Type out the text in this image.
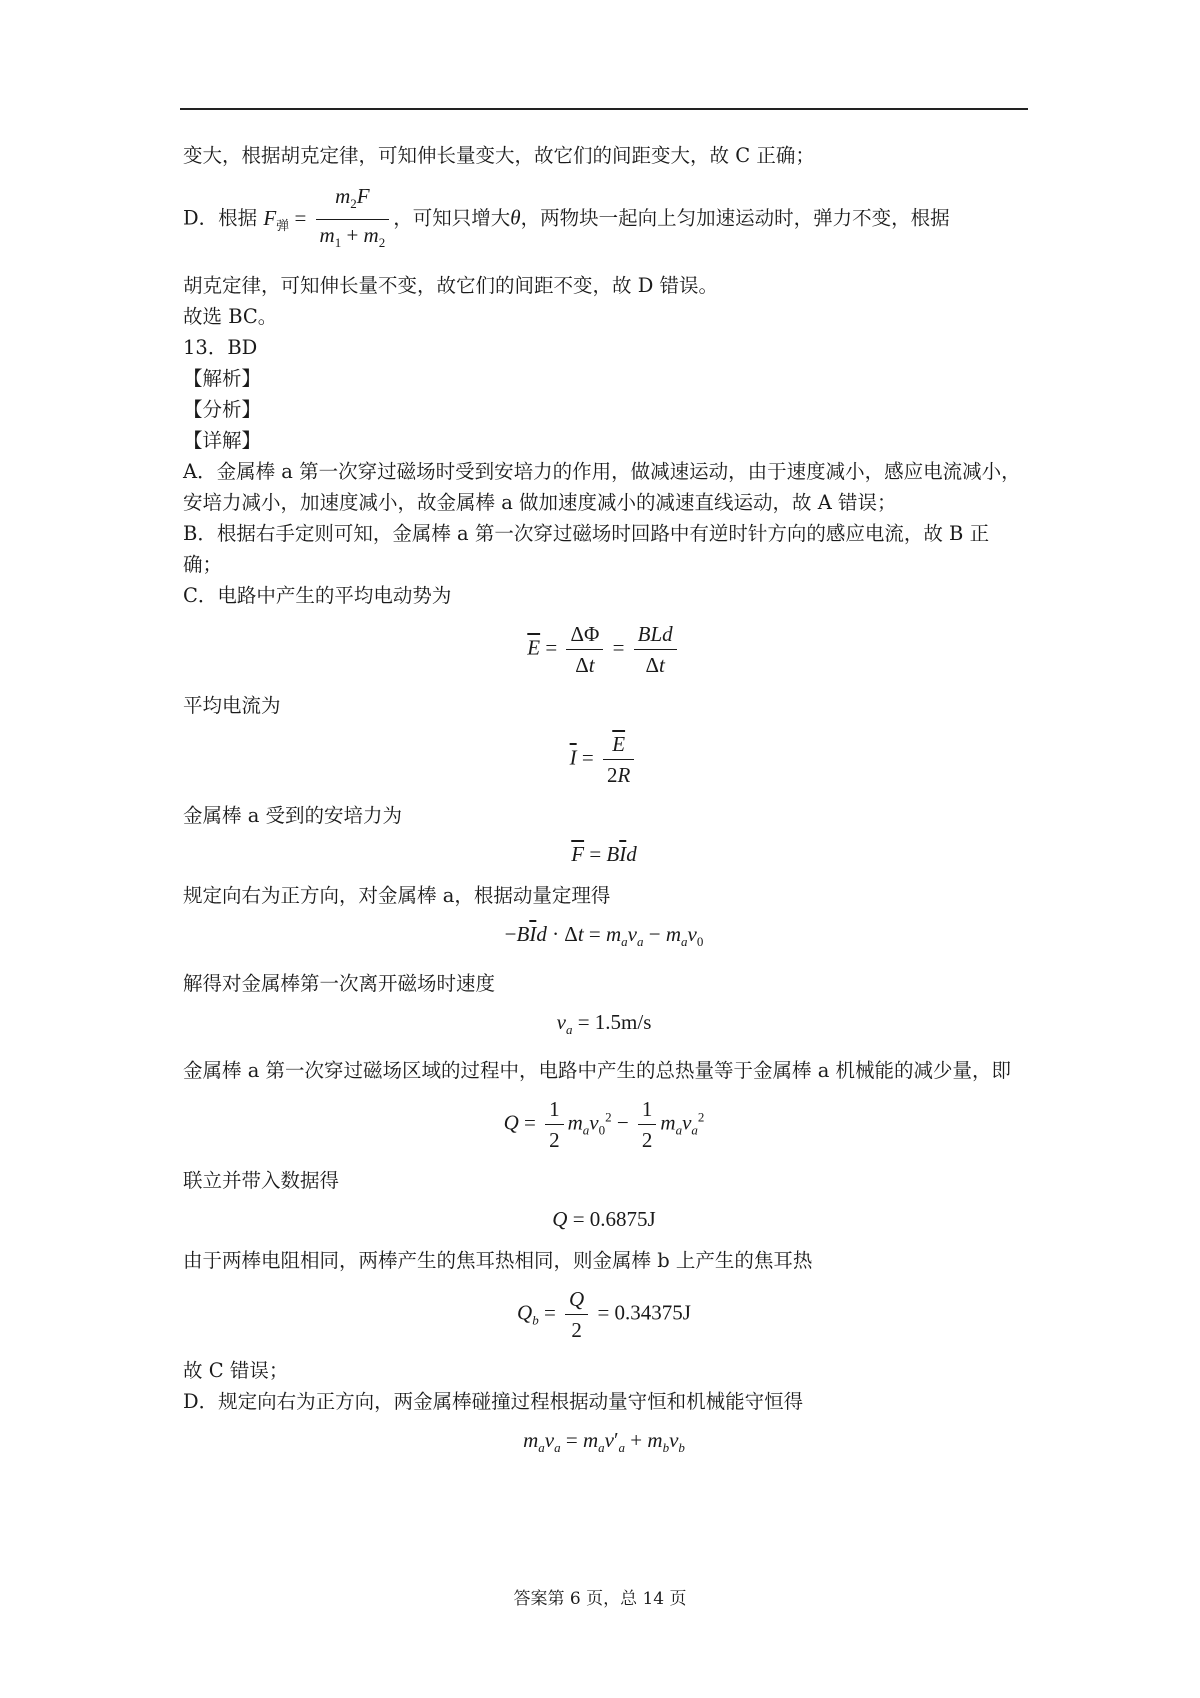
变大，根据胡克定律，可知伸长量变大，故它们的间距变大，故 C 正确；
D．根据 $F_弹 = \frac{m_2F}{m_1 + m_2}$ ，可知只增大θ，两物块一起向上匀加速运动时，弹力不变，根据
胡克定律，可知伸长量不变，故它们的间距不变，故 D 错误。
故选 BC。
13．BD
【解析】
【分析】
【详解】
A．金属棒 a 第一次穿过磁场时受到安培力的作用，做减速运动，由于速度减小，感应电流减小，安培力减小，加速度减小，故金属棒 a 做加速度减小的减速直线运动，故 A 错误；
B．根据右手定则可知，金属棒 a 第一次穿过磁场时回路中有逆时针方向的感应电流，故 B 正确；
C．电路中产生的平均电动势为
$\overline{E} = \frac{\Delta\Phi}{\Delta t} = \frac{\text{BLd}}{\Delta t}$
平均电流为
$\overline{I} = \frac{\overline{E}}{2R}$
金属棒 a 受到的安培力为
$\overline{F} = B\overline{I}d$
规定向右为正方向，对金属棒 a，根据动量定理得
$-B\overline{I}d \cdot \Delta t = m_av_a - m_av_0$
解得对金属棒第一次离开磁场时速度
$v_a = 1.5m/s$
金属棒 a 第一次穿过磁场区域的过程中，电路中产生的总热量等于金属棒 a 机械能的减少量，即
$Q = \frac{1}{2} m_av_0^2 - \frac{1}{2} m_av_a^2$
联立并带入数据得
Q = 0.6875J
由于两棒电阻相同，两棒产生的焦耳热相同，则金属棒 b 上产生的焦耳热
$Q_b = \frac{Q}{2} = 0.34375J$
故 C 错误；
D．规定向右为正方向，两金属棒碰撞过程根据动量守恒和机械能守恒得
$m_av_a = m_av'_a + m_bv_b$
答案第 6 页，总 14 页
